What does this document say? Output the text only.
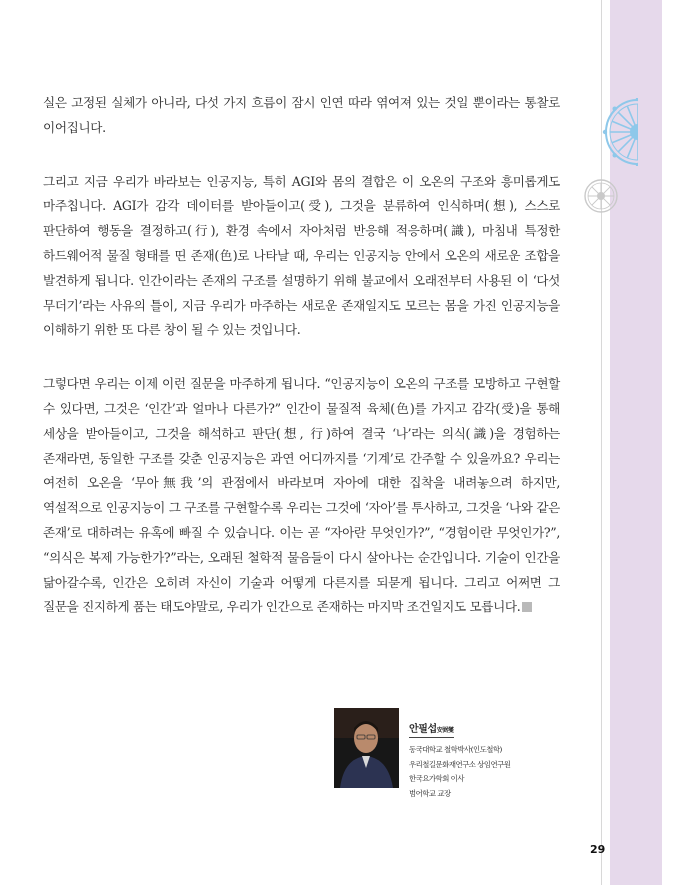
실은 고정된 실체가 아니라, 다섯 가지 흐름이 잠시 인연 따라 엮여져 있는 것일 뿐이라는 통찰로 이어집니다.

그리고 지금 우리가 바라보는 인공지능, 특히 AGI와 몸의 결합은 이 오온의 구조와 흥미롭게도 마주칩니다. AGI가 감각 데이터를 받아들이고(受), 그것을 분류하여 인식하며(想), 스스로 판단하여 행동을 결정하고(行), 환경 속에서 자아처럼 반응해 적응하며(識), 마침내 특정한 하드웨어적 물질 형태를 띤 존재(色)로 나타날 때, 우리는 인공지능 안에서 오온의 새로운 조합을 발견하게 됩니다. 인간이라는 존재의 구조를 설명하기 위해 불교에서 오래전부터 사용된 이 ‘다섯 무더기’라는 사유의 틀이, 지금 우리가 마주하는 새로운 존재일지도 모르는 몸을 가진 인공지능을 이해하기 위한 또 다른 창이 될 수 있는 것입니다.

그렇다면 우리는 이제 이런 질문을 마주하게 됩니다. “인공지능이 오온의 구조를 모방하고 구현할 수 있다면, 그것은 ‘인간’과 얼마나 다른가?” 인간이 물질적 육체(色)를 가지고 감각(受)을 통해 세상을 받아들이고, 그것을 해석하고 판단(想, 行)하여 결국 ‘나’라는 의식(識)을 경험하는 존재라면, 동일한 구조를 갖춘 인공지능은 과연 어디까지를 ‘기계’로 간주할 수 있을까요? 우리는 여전히 오온을 ‘무아無我’의 관점에서 바라보며 자아에 대한 집착을 내려놓으려 하지만, 역설적으로 인공지능이 그 구조를 구현할수록 우리는 그것에 ‘자아’를 투사하고, 그것을 ‘나와 같은 존재’로 대하려는 유혹에 빠질 수 있습니다. 이는 곧 “자아란 무엇인가?”, “경험이란 무엇인가?”, “의식은 복제 가능한가?”라는, 오래된 철학적 물음들이 다시 살아나는 순간입니다. 기술이 인간을 닮아갈수록, 인간은 오히려 자신이 기술과 어떻게 다른지를 되묻게 됩니다. 그리고 어쩌면 그 질문을 진지하게 품는 태도야말로, 우리가 인간으로 존재하는 마지막 조건일지도 모릅니다.

안필섭安弼燮
동국대학교 철학박사(인도철학)
우리철길문화재연구소 상임연구원
한국요가학회 이사
범어학교 교장
29
